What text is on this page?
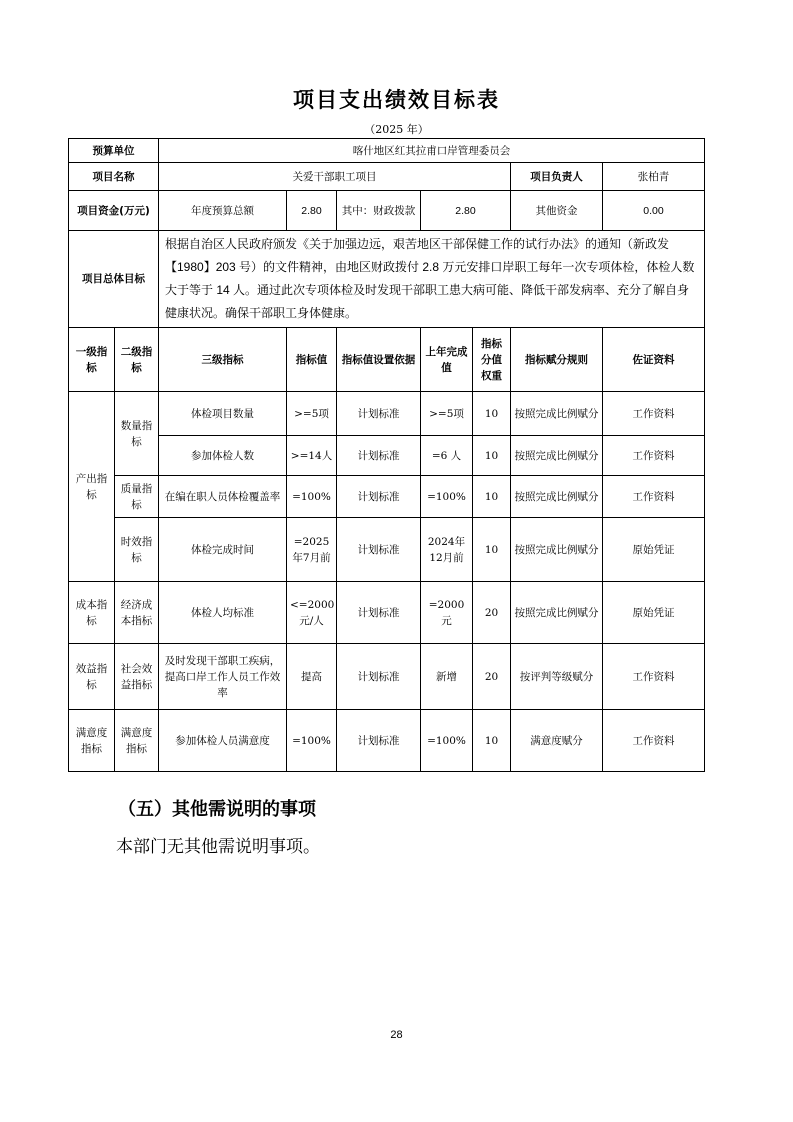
项目支出绩效目标表
（2025 年）
预算单位		喀什地区红其拉甫口岸管理委员会						
项目名称		关爱干部职工项目					项目负责人	张柏青
项目资金(万元)		年度预算总额	2.80	其中：财政拨款	2.80		其他资金	0.00
项目总体目标		根据自治区人民政府颁发《关于加强边远，艰苦地区干部保健工作的试行办法》的通知（新政发【1980】203 号）的文件精神，由地区财政拨付 2.8 万元安排口岸职工每年一次专项体检，体检人数大于等于 14 人。通过此次专项体检及时发现干部职工患大病可能、降低干部发病率、充分了解自身健康状况。确保干部职工身体健康。						
一级指标	二级指标	三级指标	指标值	指标值设置依据	上年完成值	指标分值权重	指标赋分规则	佐证资料
产出指标	数量指标	体检项目数量	>=5项	计划标准	>=5项	10	按照完成比例赋分	工作资料
		参加体检人数	>=14人	计划标准	=6 人	10	按照完成比例赋分	工作资料
	质量指标	在编在职人员体检覆盖率	=100%	计划标准	=100%	10	按照完成比例赋分	工作资料
	时效指标	体检完成时间	=2025年7月前	计划标准	2024年12月前	10	按照完成比例赋分	原始凭证
成本指标	经济成本指标	体检人均标准	<=2000元/人	计划标准	=2000元	20	按照完成比例赋分	原始凭证
效益指标	社会效益指标	及时发现干部职工疾病，提高口岸工作人员工作效率	提高	计划标准	新增	20	按评判等级赋分	工作资料
满意度指标	满意度指标	参加体检人员满意度	=100%	计划标准	=100%	10	满意度赋分	工作资料
（五）其他需说明的事项
本部门无其他需说明事项。
28
